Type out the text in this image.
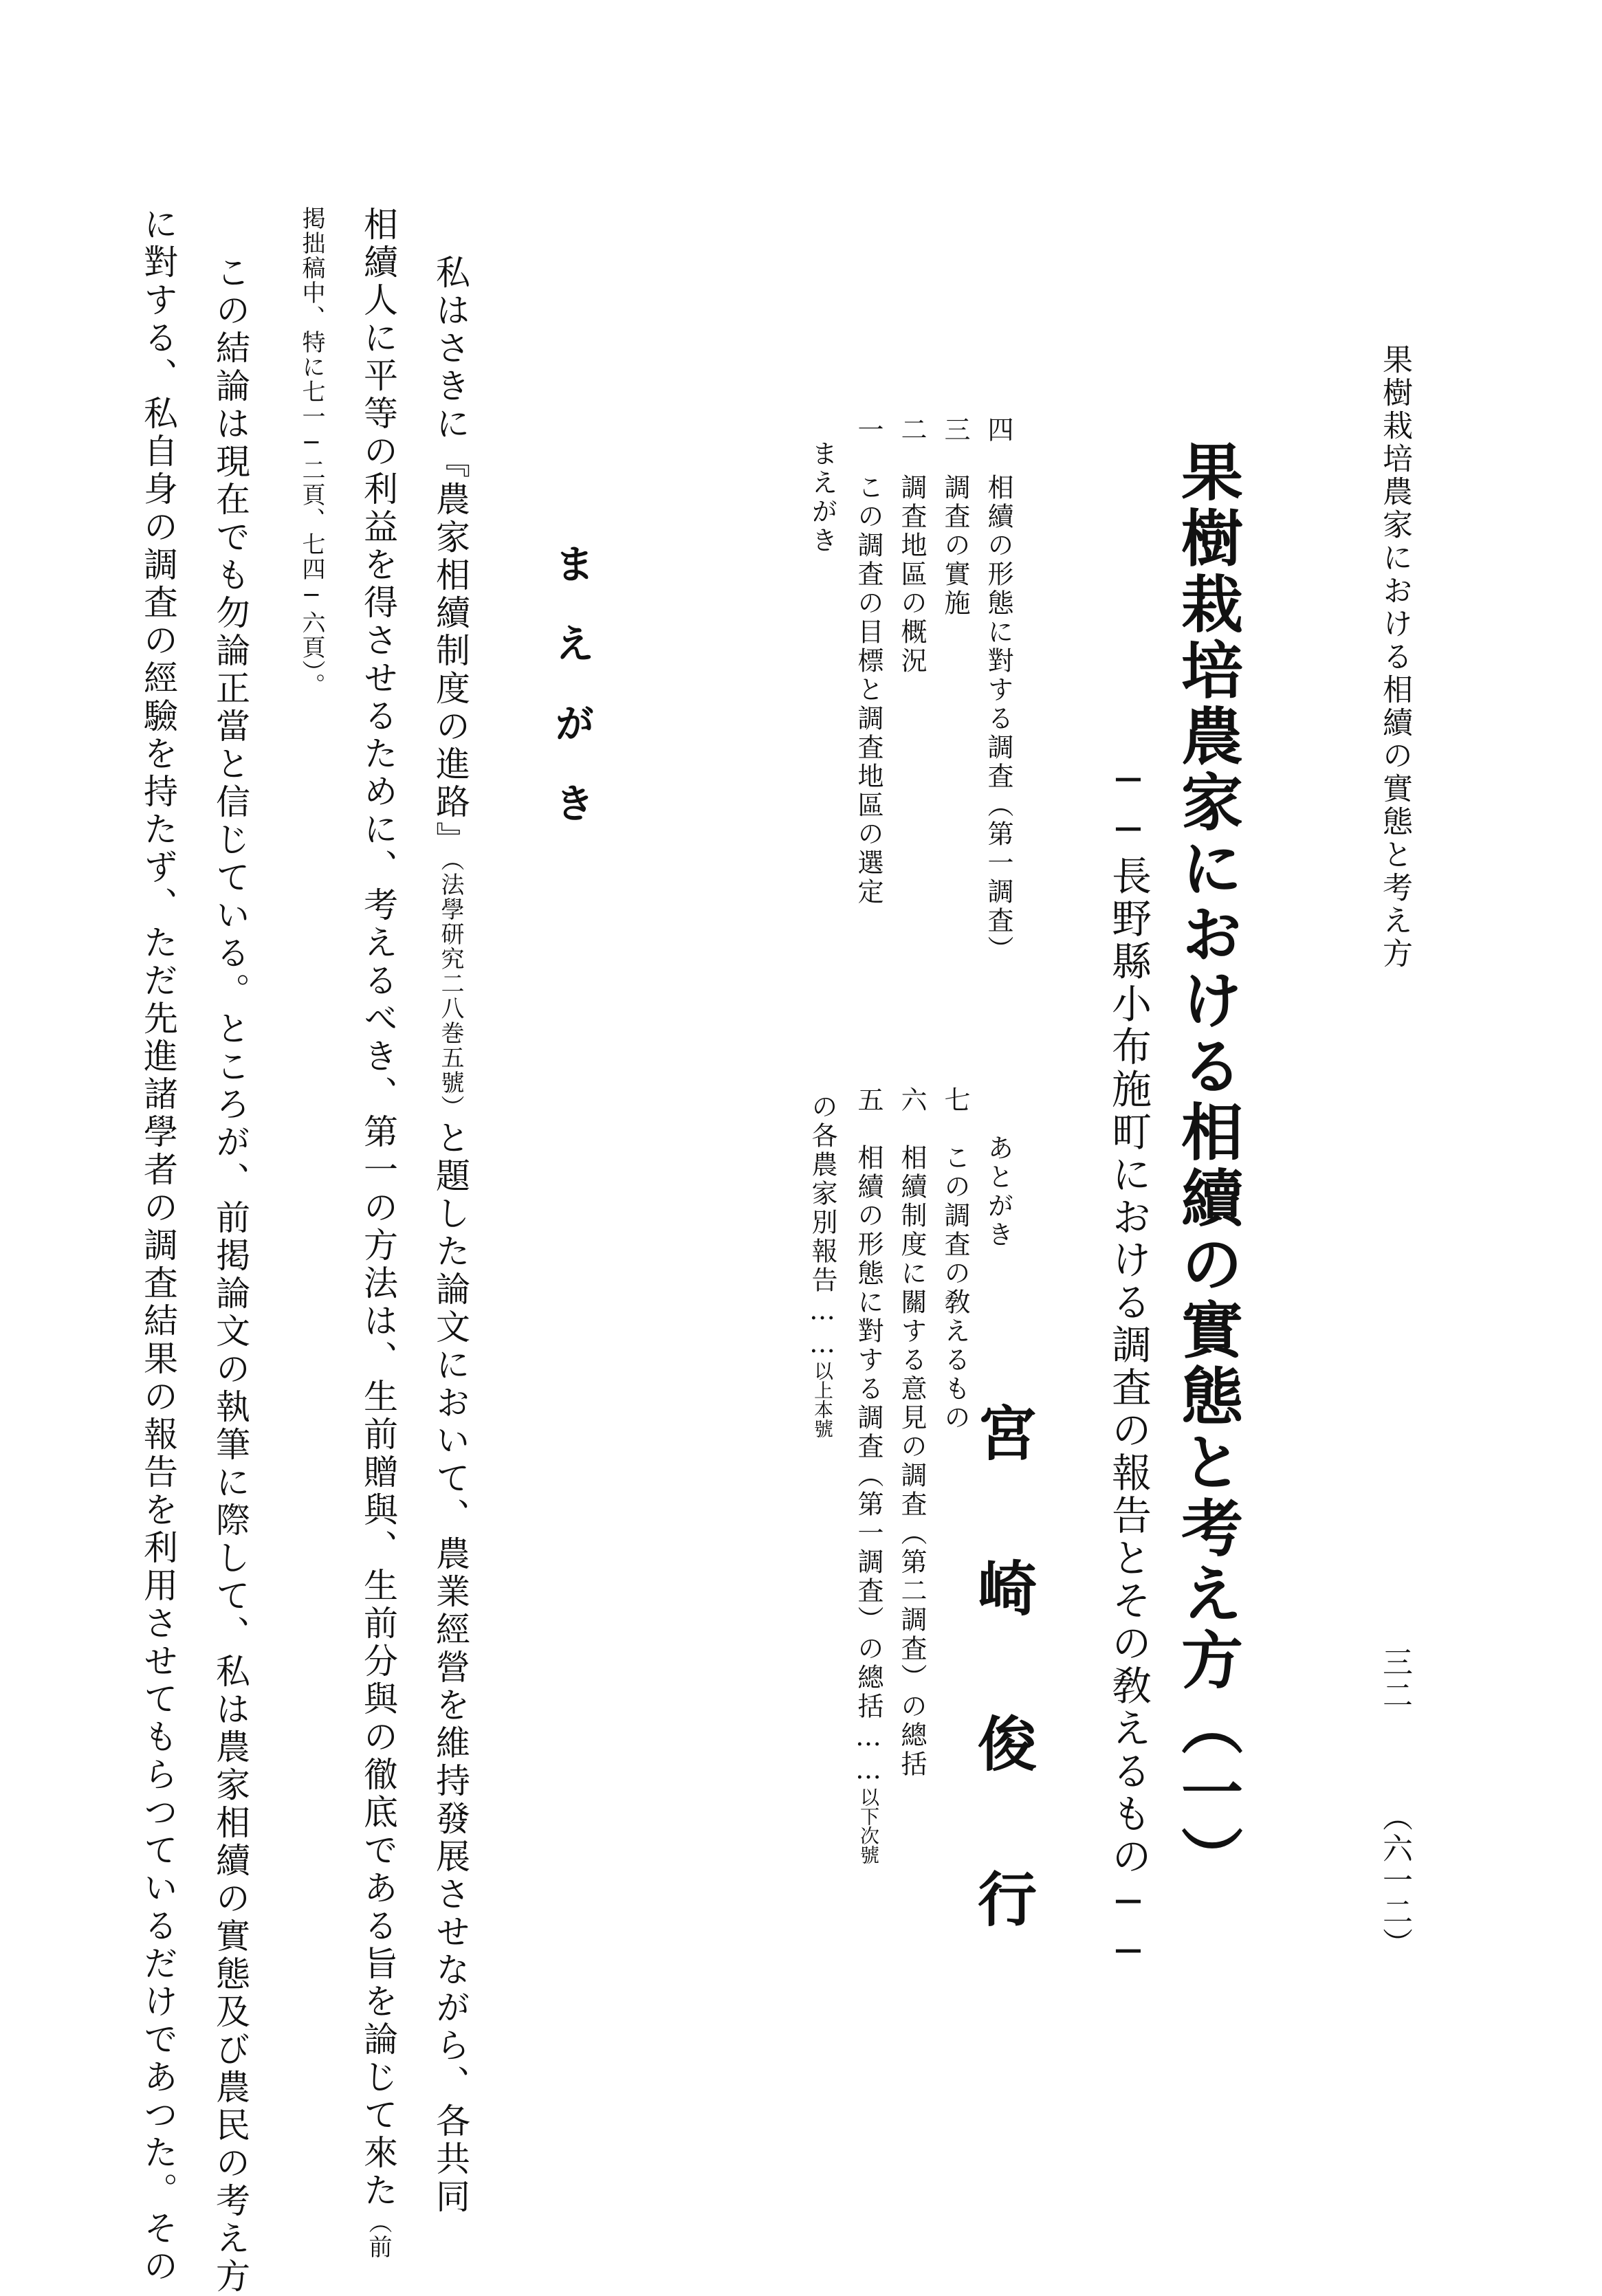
果樹栽培農家における相續の實態と考え方
三二
（六一二）
果樹栽培農家における相續の實態と考え方（一）
──長野縣小布施町における調査の報告とその敎えるもの──
宮崎俊行
まえがき 一　この調査の目標と調査地區の選定 二　調査地區の概況 三　調査の實施 四　相續の形態に對する調査（第一調査）
の各農家別報告……以上本號 五　相續の形態に對する調査（第一調査）の總括……以下次號
六　相續制度に關する意見の調査（第二調査）の總括 七　この調査の敎えるもの あとがき
まえがき
私はさきに『農家相續制度の進路』（法學研究二八巻五號）と題した論文において、農業經營を維持發展させながら、各共同
相續人に平等の利益を得させるために、考えるべき、第一の方法は、生前贈與、生前分與の徹底である旨を論じて來た（前
掲拙稿中、特に七一─二頁、七四─六頁）。
この結論は現在でも勿論正當と信じている。ところが、前掲論文の執筆に際して、私は農家相續の實態及び農民の考え方
に對する、私自身の調査の經驗を持たず、ただ先進諸學者の調査結果の報告を利用させてもらつているだけであつた。その
